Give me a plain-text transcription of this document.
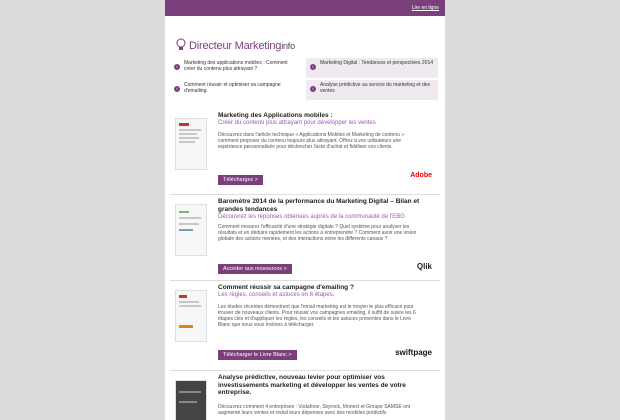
Lire en ligne
Directeur Marketinginfo
i
Marketing des applications mobiles : Comment créer du contenu plus attrayant ?	i
Marketing Digital : Tendances et perspectives 2014
i
Comment réussir et optimiser sa campagne d'emailing.	i
Analyse prédictive au service du marketing et des ventes
Marketing des Applications mobiles :
Créer du contenu plus attrayant pour développer les ventes
Découvrez dans l'article technique « Applications Mobiles et Marketing de contenu » comment proposer du contenu toujours plus attrayant. Offrez à vos utilisateurs une expérience personnalisée pour déclencher l'acte d'achat et fidéliser vos clients.
Téléchargez >
Adobe
Baromètre 2014 de la performance du Marketing Digital – Bilan et grandes tendances
Découvrez les réponses obtenues auprès de la communauté de l'EBG
Comment mesurer l'efficacité d'une stratégie digitale ? Quel système pour analyser les résultats et en déduire rapidement les actions à entreprendre ? Comment avoir une vision globale des actions menées, et des interactions entre les différents canaux ?
Accéder aux ressources >	Qlik
Comment réussir sa campagne d'emailing ?
Les règles, conseils et astuces en 6 étapes.
Les études récentes démontrent que l'email marketing est le moyen le plus efficace pour trouver de nouveaux clients. Pour réussir vos campagnes emailing, il suffit de suivre les 6 étapes clés et d'appliquer les règles, les conseils et les astuces présentés dans le Livre Blanc que nous vous invitons à télécharger.
Télécharger le Livre Blanc >	swiftpage
Analyse prédictive, nouveau levier pour optimiser vos investissements marketing et développer les ventes de votre entreprise.
Découvrez comment 4 entreprises : Vodafone, Skyrock, Monext et Groupe SAMSE ont augmenté leurs ventes et réduit leurs dépenses avec des modèles prédictifs
